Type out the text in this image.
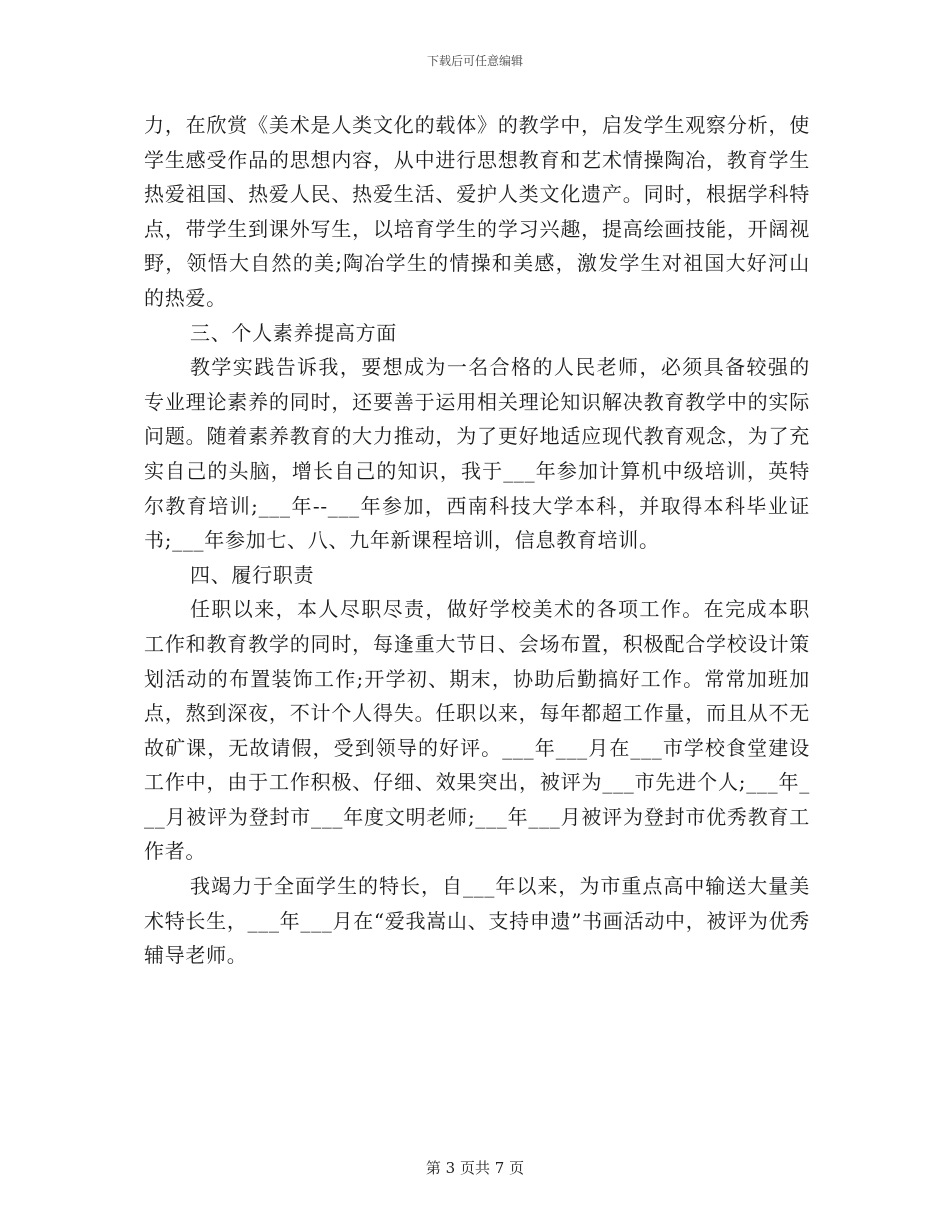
下载后可任意编辑

力，在欣赏《美术是人类文化的载体》的教学中，启发学生观察分析，使学生感受作品的思想内容，从中进行思想教育和艺术情操陶冶，教育学生热爱祖国、热爱人民、热爱生活、爱护人类文化遗产。同时，根据学科特点，带学生到课外写生，以培育学生的学习兴趣，提高绘画技能，开阔视野，领悟大自然的美;陶冶学生的情操和美感，激发学生对祖国大好河山的热爱。

三、个人素养提高方面

教学实践告诉我，要想成为一名合格的人民老师，必须具备较强的专业理论素养的同时，还要善于运用相关理论知识解决教育教学中的实际问题。随着素养教育的大力推动，为了更好地适应现代教育观念，为了充实自己的头脑，增长自己的知识，我于___年参加计算机中级培训，英特尔教育培训;___年--___年参加，西南科技大学本科，并取得本科毕业证书;___年参加七、八、九年新课程培训，信息教育培训。

四、履行职责

任职以来，本人尽职尽责，做好学校美术的各项工作。在完成本职工作和教育教学的同时，每逢重大节日、会场布置，积极配合学校设计策划活动的布置装饰工作;开学初、期末，协助后勤搞好工作。常常加班加点，熬到深夜，不计个人得失。任职以来，每年都超工作量，而且从不无故矿课，无故请假，受到领导的好评。___年___月在___市学校食堂建设工作中，由于工作积极、仔细、效果突出，被评为___市先进个人;___年___月被评为登封市___年度文明老师;___年___月被评为登封市优秀教育工作者。

我竭力于全面学生的特长，自___年以来，为市重点高中输送大量美术特长生，___年___月在“爱我嵩山、支持申遗”书画活动中，被评为优秀辅导老师。

第 3 页共 7 页
